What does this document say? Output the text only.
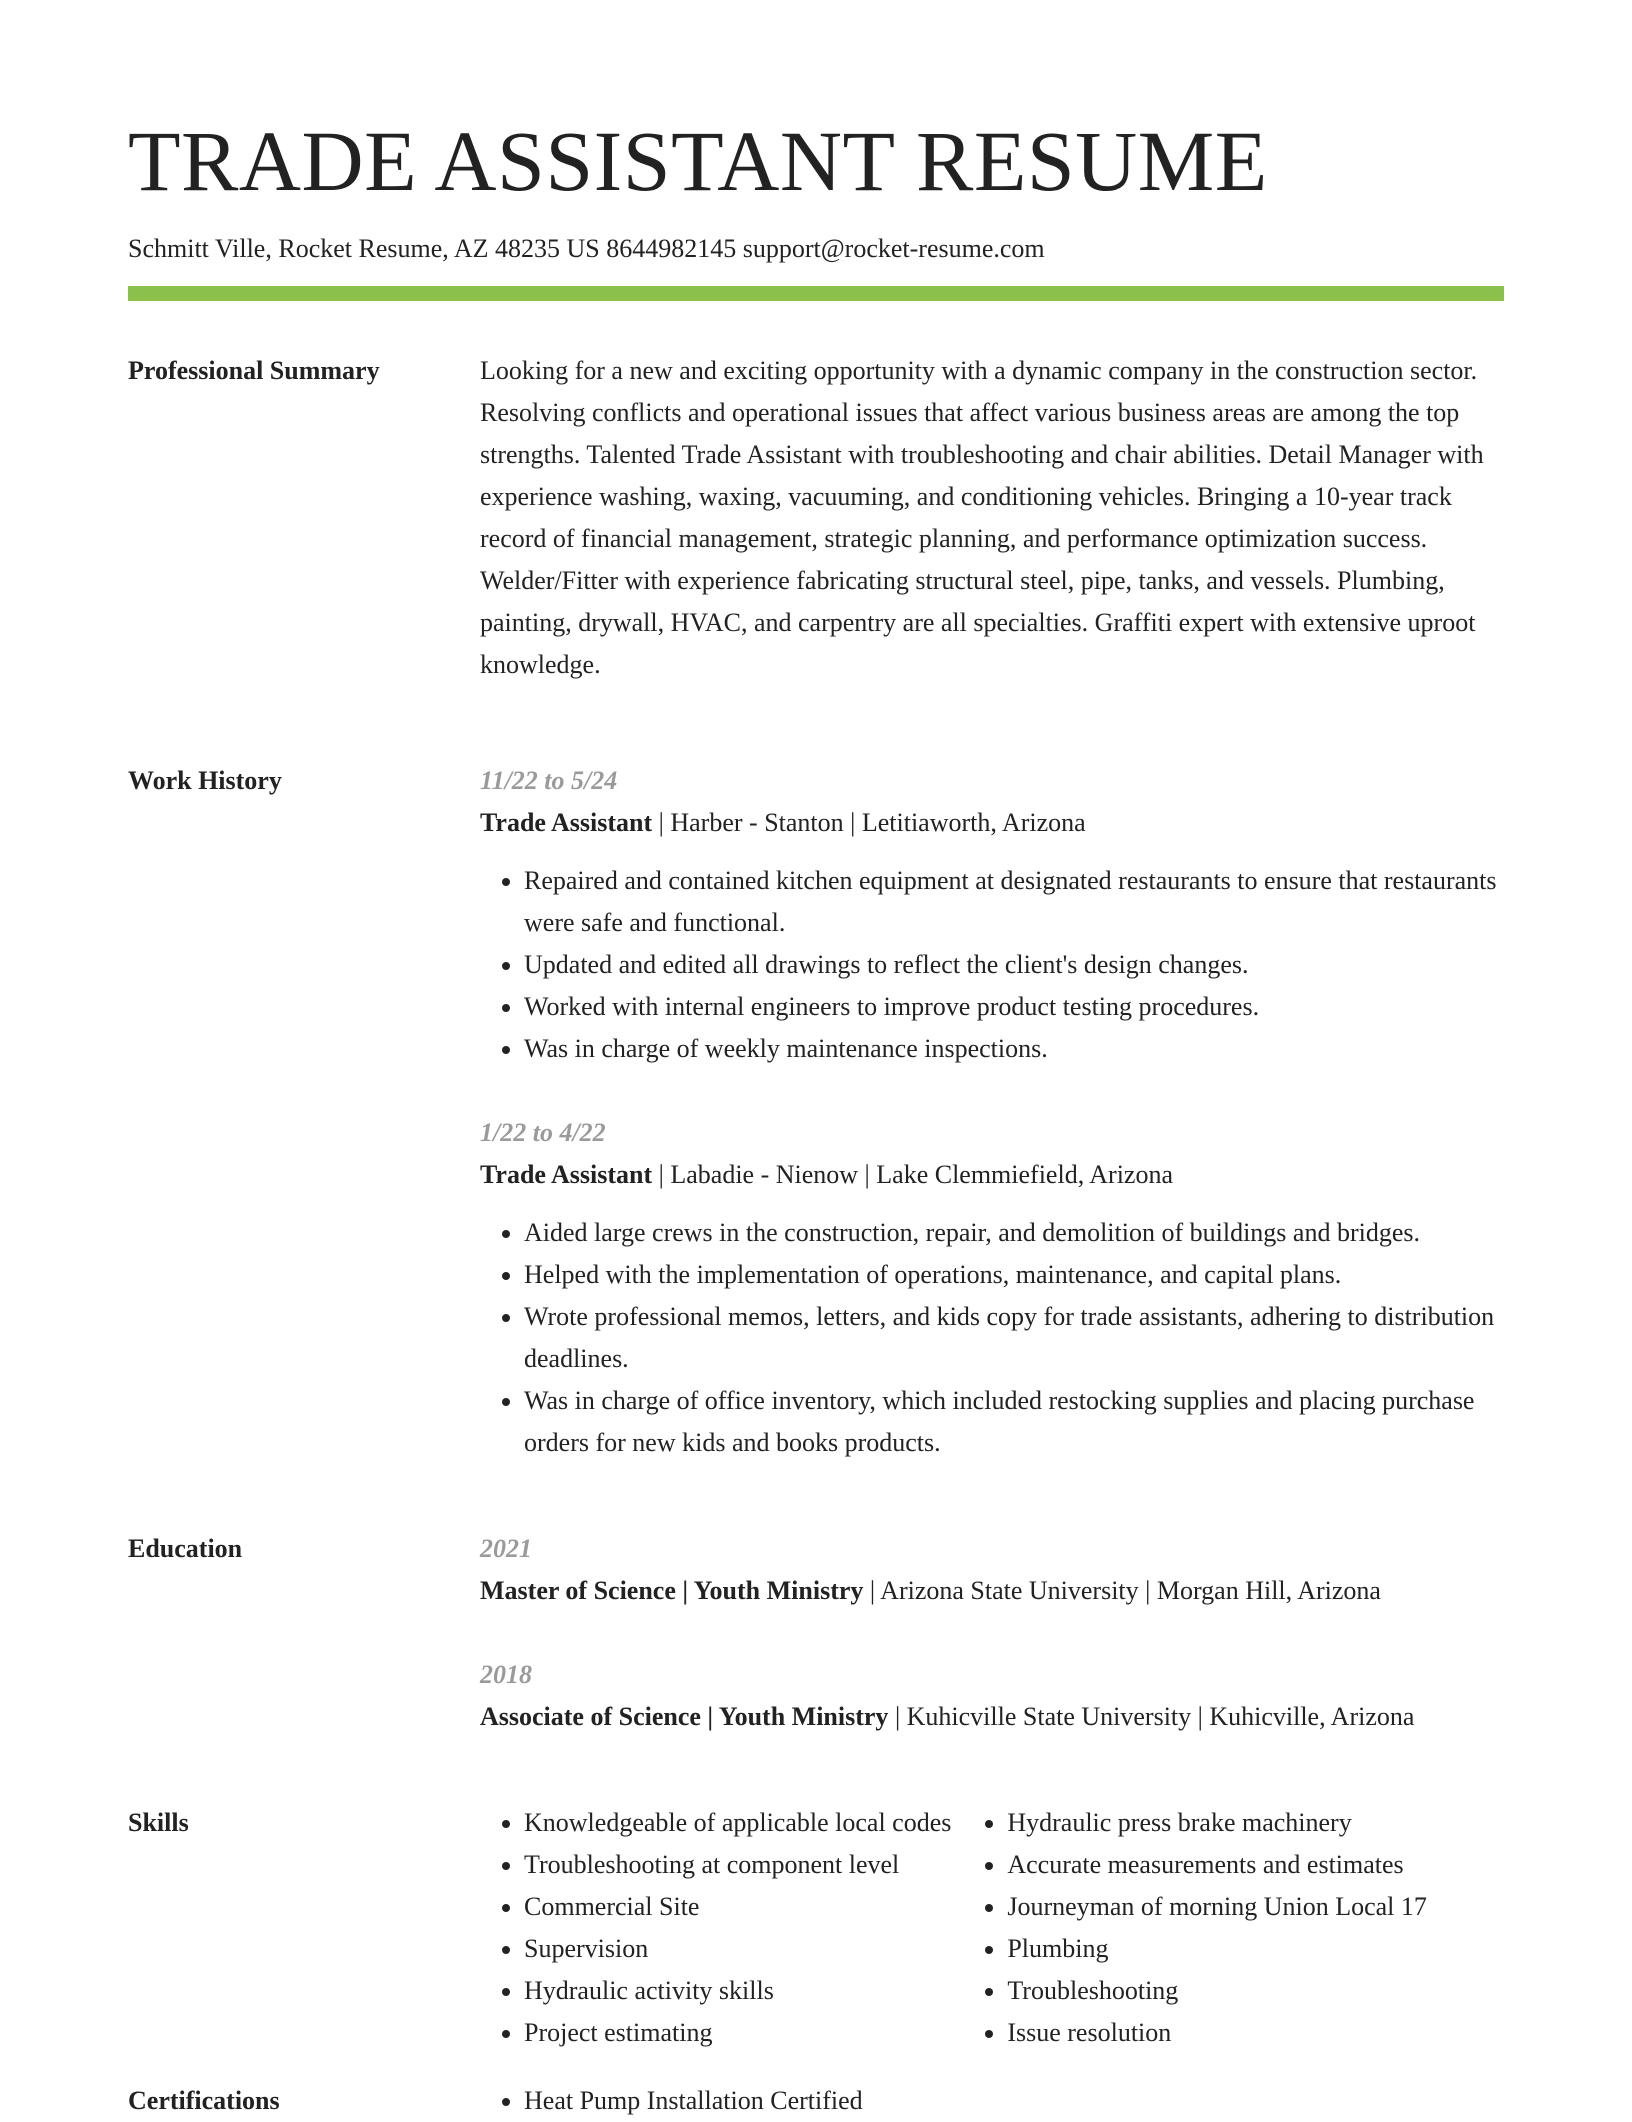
TRADE ASSISTANT RESUME
Schmitt Ville, Rocket Resume, AZ 48235 US 8644982145 support@rocket-resume.com
Professional Summary	Looking for a new and exciting opportunity with a dynamic company in the construction sector. Resolving conflicts and operational issues that affect various business areas are among the top strengths. Talented Trade Assistant with troubleshooting and chair abilities. Detail Manager with experience washing, waxing, vacuuming, and conditioning vehicles. Bringing a 10-year track record of financial management, strategic planning, and performance optimization success. Welder/Fitter with experience fabricating structural steel, pipe, tanks, and vessels. Plumbing, painting, drywall, HVAC, and carpentry are all specialties. Graffiti expert with extensive uproot knowledge.

Work History	11/22 to 5/24
Trade Assistant | Harber - Stanton | Letitiaworth, Arizona
• Repaired and contained kitchen equipment at designated restaurants to ensure that restaurants were safe and functional.
• Updated and edited all drawings to reflect the client's design changes.
• Worked with internal engineers to improve product testing procedures.
• Was in charge of weekly maintenance inspections.
1/22 to 4/22
Trade Assistant | Labadie - Nienow | Lake Clemmiefield, Arizona
• Aided large crews in the construction, repair, and demolition of buildings and bridges.
• Helped with the implementation of operations, maintenance, and capital plans.
• Wrote professional memos, letters, and kids copy for trade assistants, adhering to distribution deadlines.
• Was in charge of office inventory, which included restocking supplies and placing purchase orders for new kids and books products.
Education	2021
Master of Science | Youth Ministry | Arizona State University | Morgan Hill, Arizona
2018
Associate of Science | Youth Ministry | Kuhicville State University | Kuhicville, Arizona
Skills	• Knowledgeable of applicable local codes
• Troubleshooting at component level
• Commercial Site
• Supervision
• Hydraulic activity skills
• Project estimating
• Hydraulic press brake machinery
• Accurate measurements and estimates
• Journeyman of morning Union Local 17
• Plumbing
• Troubleshooting
• Issue resolution
Certifications	• Heat Pump Installation Certified
